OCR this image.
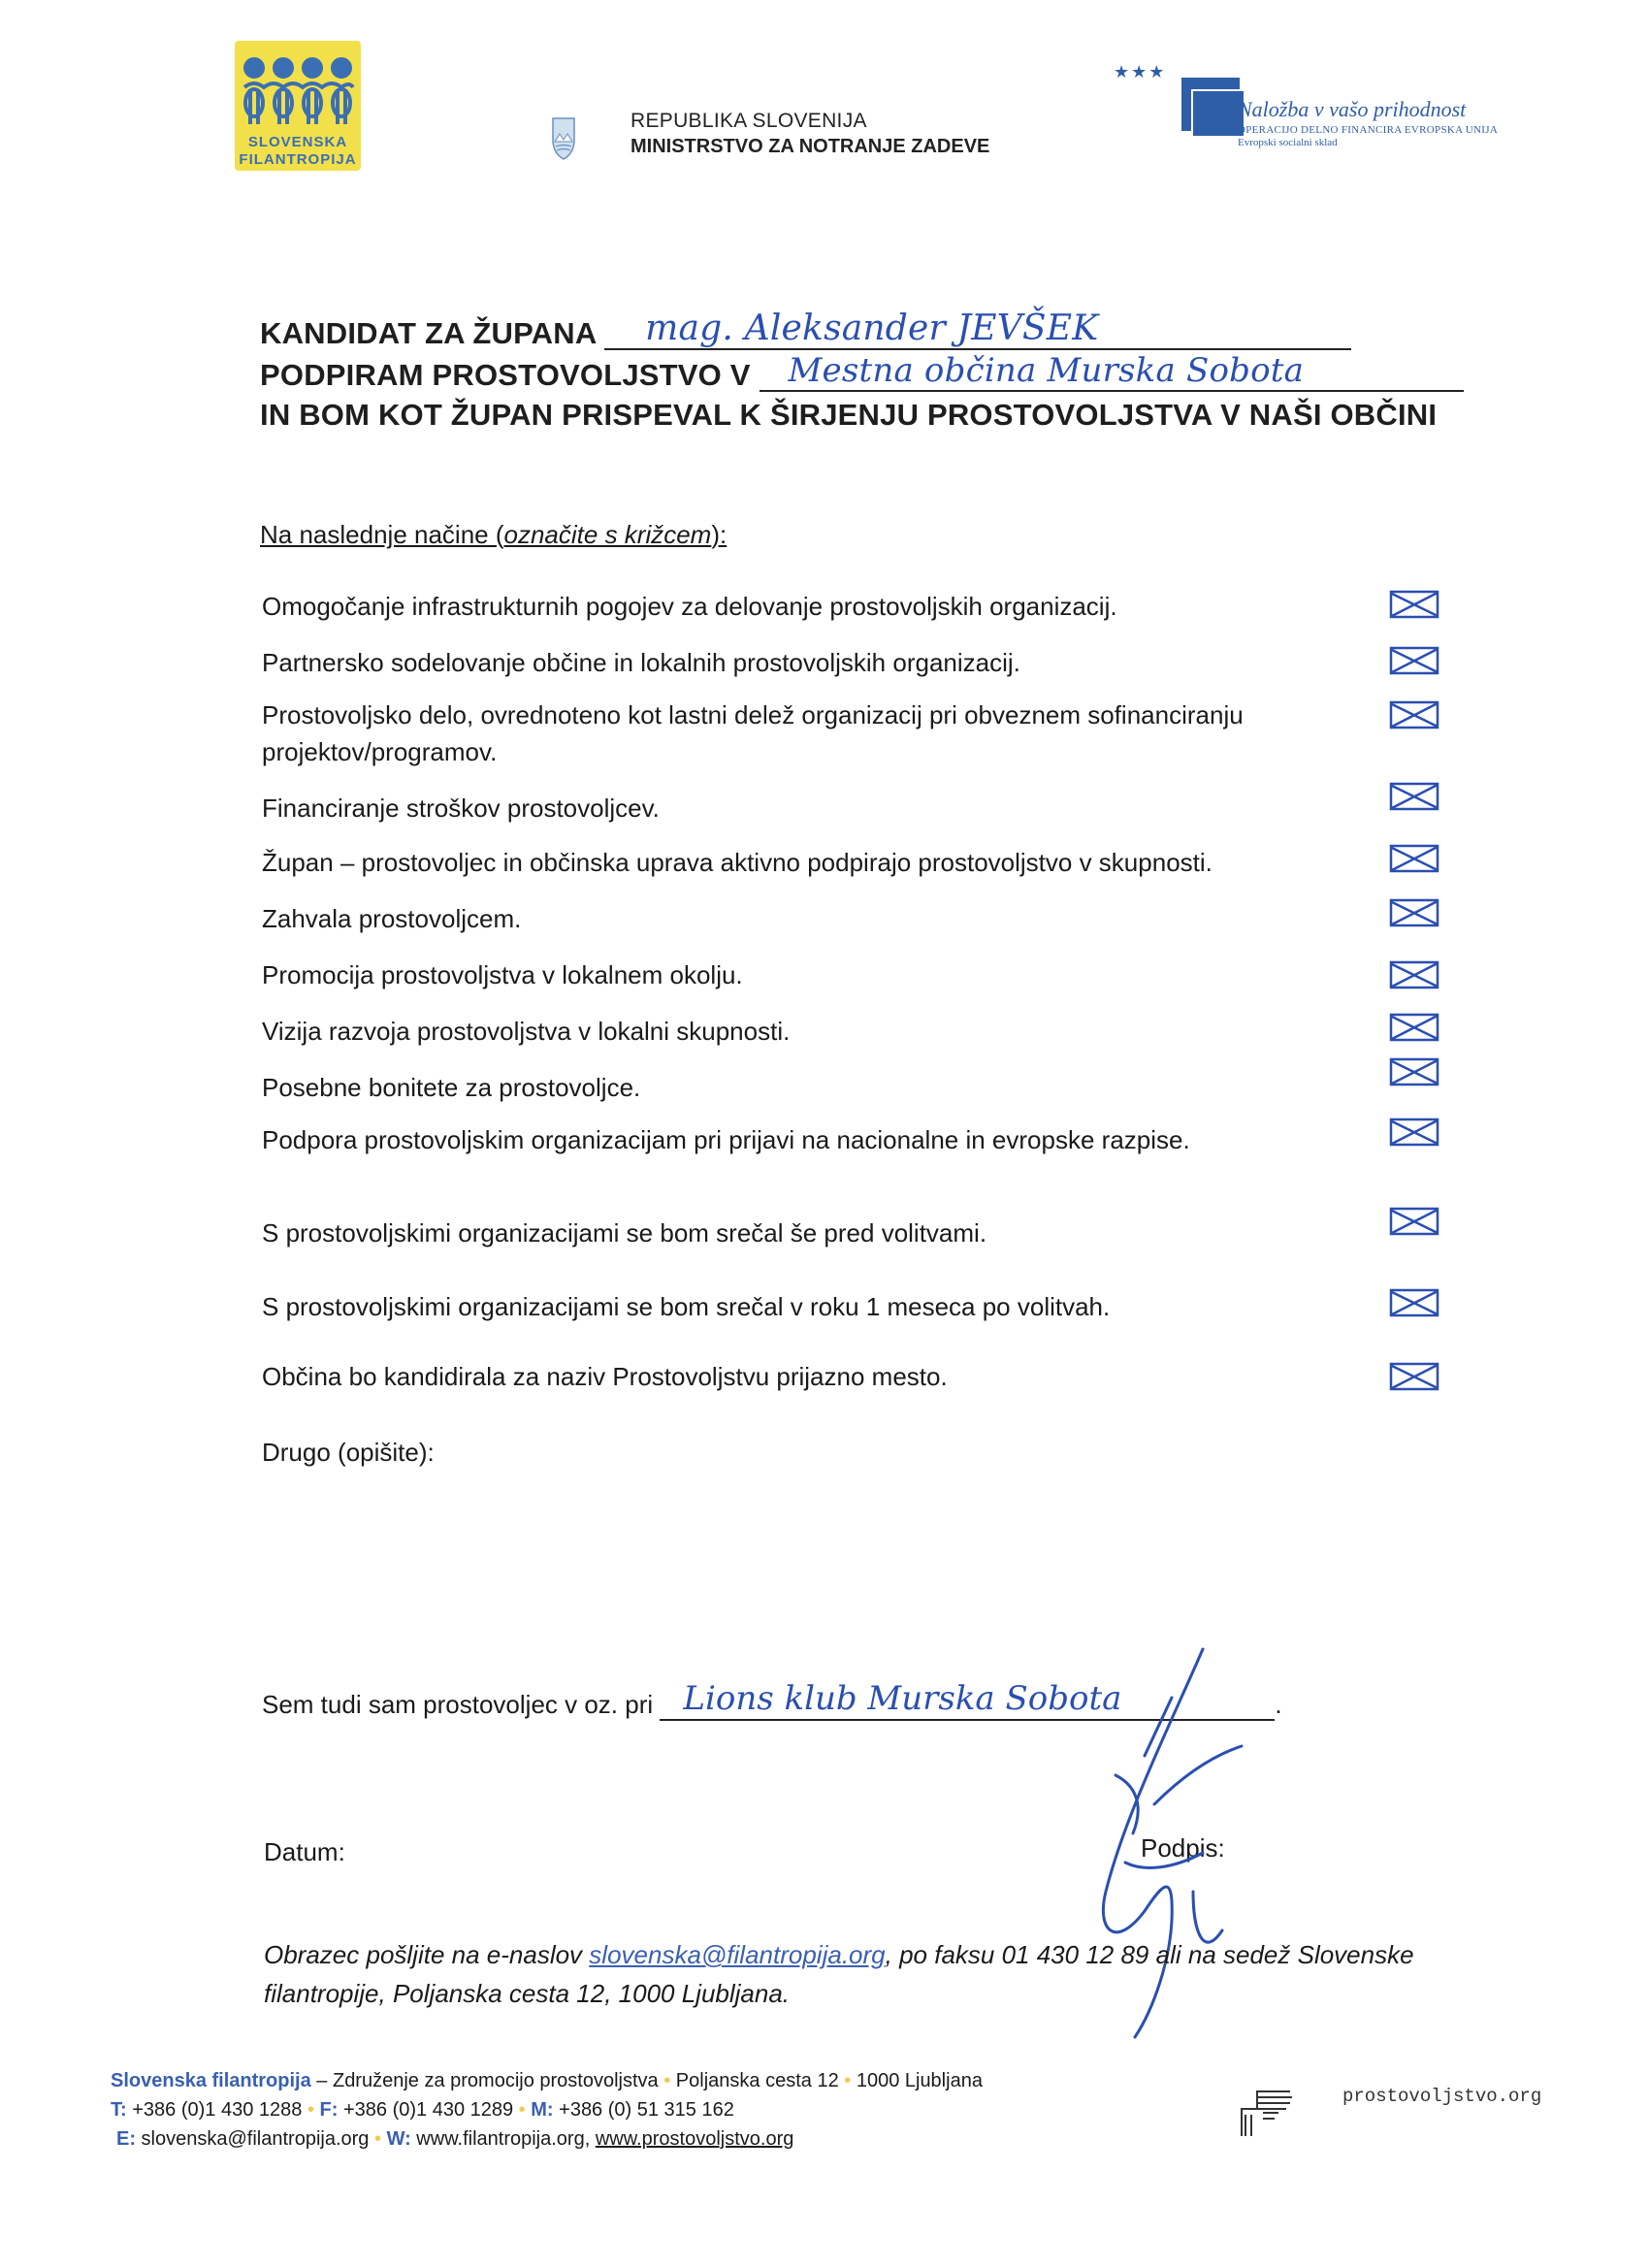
SLOVENSKA
FILANTROPIJA
REPUBLIKA SLOVENIJA
MINISTRSTVO ZA NOTRANJE ZADEVE
★★★
Naložba v vašo prihodnost
OPERACIJO DELNO FINANCIRA EVROPSKA UNIJA
Evropski socialni sklad
KANDIDAT ZA ŽUPANA mag. Aleksander JEVŠEK
PODPIRAM PROSTOVOLJSTVO V Mestna občina Murska Sobota
IN BOM KOT ŽUPAN PRISPEVAL K ŠIRJENJU PROSTOVOLJSTVA V NAŠI OBČINI
Na naslednje načine (označite s križcem):
Omogočanje infrastrukturnih pogojev za delovanje prostovoljskih organizacij.
Partnersko sodelovanje občine in lokalnih prostovoljskih organizacij.
Prostovoljsko delo, ovrednoteno kot lastni delež organizacij pri obveznem sofinanciranju
projektov/programov.
Financiranje stroškov prostovoljcev.
Župan – prostovoljec in občinska uprava aktivno podpirajo prostovoljstvo v skupnosti.
Zahvala prostovoljcem.
Promocija prostovoljstva v lokalnem okolju.
Vizija razvoja prostovoljstva v lokalni skupnosti.
Posebne bonitete za prostovoljce.
Podpora prostovoljskim organizacijam pri prijavi na nacionalne in evropske razpise.
S prostovoljskimi organizacijami se bom srečal še pred volitvami.
S prostovoljskimi organizacijami se bom srečal v roku 1 meseca po volitvah.
Občina bo kandidirala za naziv Prostovoljstvu prijazno mesto.
Drugo (opišite):
Sem tudi sam prostovoljec v oz. pri Lions klub Murska Sobota	.
Datum:	Podpis:
Obrazec pošljite na e-naslov slovenska@filantropija.org, po faksu 01 430 12 89 ali na sedež Slovenske
filantropije, Poljanska cesta 12, 1000 Ljubljana.
Slovenska filantropija – Združenje za promocijo prostovoljstva • Poljanska cesta 12 • 1000 Ljubljana
T: +386 (0)1 430 1288 • F: +386 (0)1 430 1289 • M: +386 (0) 51 315 162
E: slovenska@filantropija.org • W: www.filantropija.org, www.prostovoljstvo.org
prostovoljstvo.org
